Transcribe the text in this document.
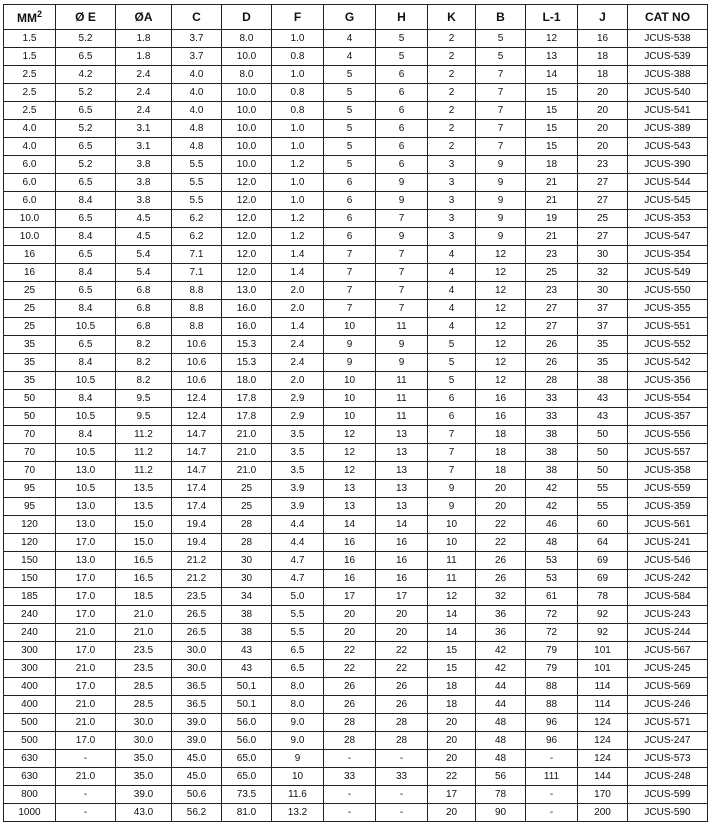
$MM^2$	Ø E	ØA	C	D	F	G	H	K	B	L-1	J	CAT NO
1.5	5.2	1.8	3.7	8.0	1.0	4	5	2	5	12	16	JCUS-538
1.5	6.5	1.8	3.7	10.0	0.8	4	5	2	5	13	18	JCUS-539
2.5	4.2	2.4	4.0	8.0	1.0	5	6	2	7	14	18	JCUS-388
2.5	5.2	2.4	4.0	10.0	0.8	5	6	2	7	15	20	JCUS-540
2.5	6.5	2.4	4.0	10.0	0.8	5	6	2	7	15	20	JCUS-541
4.0	5.2	3.1	4.8	10.0	1.0	5	6	2	7	15	20	JCUS-389
4.0	6.5	3.1	4.8	10.0	1.0	5	6	2	7	15	20	JCUS-543
6.0	5.2	3.8	5.5	10.0	1.2	5	6	3	9	18	23	JCUS-390
6.0	6.5	3.8	5.5	12.0	1.0	6	9	3	9	21	27	JCUS-544
6.0	8.4	3.8	5.5	12.0	1.0	6	9	3	9	21	27	JCUS-545
10.0	6.5	4.5	6.2	12.0	1.2	6	7	3	9	19	25	JCUS-353
10.0	8.4	4.5	6.2	12.0	1.2	6	9	3	9	21	27	JCUS-547
16	6.5	5.4	7.1	12.0	1.4	7	7	4	12	23	30	JCUS-354
16	8.4	5.4	7.1	12.0	1.4	7	7	4	12	25	32	JCUS-549
25	6.5	6.8	8.8	13.0	2.0	7	7	4	12	23	30	JCUS-550
25	8.4	6.8	8.8	16.0	2.0	7	7	4	12	27	37	JCUS-355
25	10.5	6.8	8.8	16.0	1.4	10	11	4	12	27	37	JCUS-551
35	6.5	8.2	10.6	15.3	2.4	9	9	5	12	26	35	JCUS-552
35	8.4	8.2	10.6	15.3	2.4	9	9	5	12	26	35	JCUS-542
35	10.5	8.2	10.6	18.0	2.0	10	11	5	12	28	38	JCUS-356
50	8.4	9.5	12.4	17.8	2.9	10	11	6	16	33	43	JCUS-554
50	10.5	9.5	12.4	17.8	2.9	10	11	6	16	33	43	JCUS-357
70	8.4	11.2	14.7	21.0	3.5	12	13	7	18	38	50	JCUS-556
70	10.5	11.2	14.7	21.0	3.5	12	13	7	18	38	50	JCUS-557
70	13.0	11.2	14.7	21.0	3.5	12	13	7	18	38	50	JCUS-358
95	10.5	13.5	17.4	25	3.9	13	13	9	20	42	55	JCUS-559
95	13.0	13.5	17.4	25	3.9	13	13	9	20	42	55	JCUS-359
120	13.0	15.0	19.4	28	4.4	14	14	10	22	46	60	JCUS-561
120	17.0	15.0	19.4	28	4.4	16	16	10	22	48	64	JCUS-241
150	13.0	16.5	21.2	30	4.7	16	16	11	26	53	69	JCUS-546
150	17.0	16.5	21.2	30	4.7	16	16	11	26	53	69	JCUS-242
185	17.0	18.5	23.5	34	5.0	17	17	12	32	61	78	JCUS-584
240	17.0	21.0	26.5	38	5.5	20	20	14	36	72	92	JCUS-243
240	21.0	21.0	26.5	38	5.5	20	20	14	36	72	92	JCUS-244
300	17.0	23.5	30.0	43	6.5	22	22	15	42	79	101	JCUS-567
300	21.0	23.5	30.0	43	6.5	22	22	15	42	79	101	JCUS-245
400	17.0	28.5	36.5	50.1	8.0	26	26	18	44	88	114	JCUS-569
400	21.0	28.5	36.5	50.1	8.0	26	26	18	44	88	114	JCUS-246
500	21.0	30.0	39.0	56.0	9.0	28	28	20	48	96	124	JCUS-571
500	17.0	30.0	39.0	56.0	9.0	28	28	20	48	96	124	JCUS-247
630	-	35.0	45.0	65.0	9	-	-	20	48	-	124	JCUS-573
630	21.0	35.0	45.0	65.0	10	33	33	22	56	111	144	JCUS-248
800	-	39.0	50.6	73.5	11.6	-	-	17	78	-	170	JCUS-599
1000	-	43.0	56.2	81.0	13.2	-	-	20	90	-	200	JCUS-590
